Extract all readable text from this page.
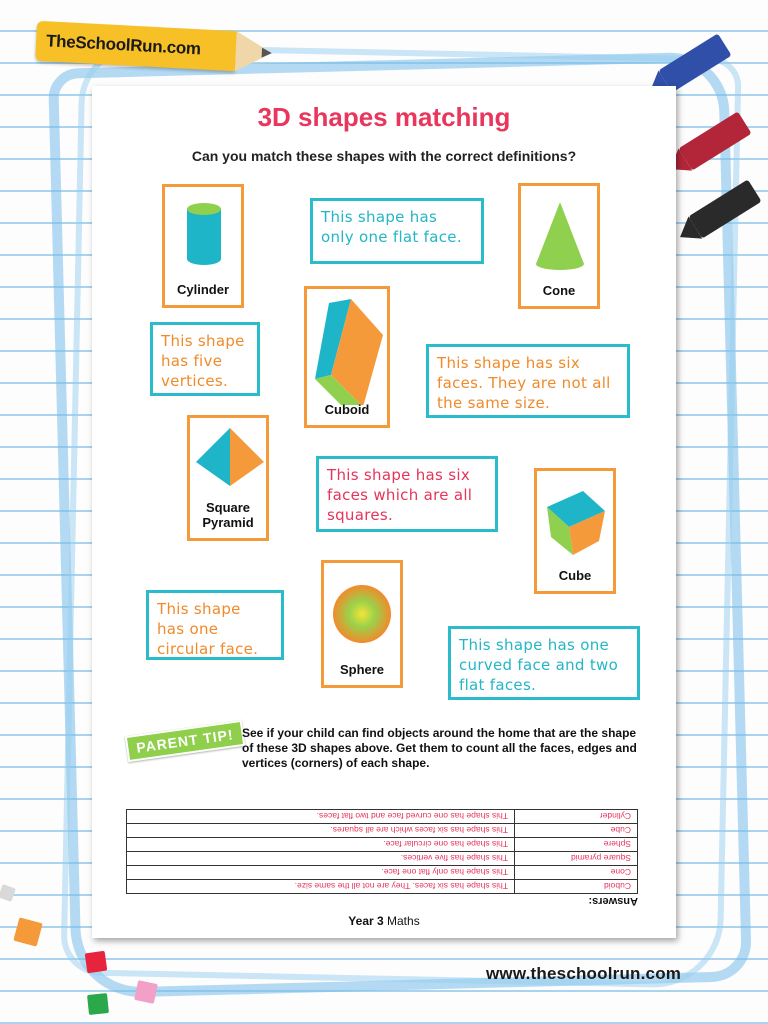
TheSchoolRun.com
3D shapes matching
Can you match these shapes with the correct definitions?
Cylinder
This shape has only one flat face.
Cone
Cuboid
This shape has five vertices.
This shape has six faces. They are not all the same size.
Square
Pyramid
This shape has six faces which are all squares.
Cube
This shape has one circular face.
Sphere
This shape has one curved face and two flat faces.
PARENT TIP! See if your child can find objects around the home that are the shape of these 3D shapes above. Get them to count all the faces, edges and vertices (corners) of each shape.
Answers:
Cuboid	This shape has six faces. They are not all the same size.
Cone	This shape has only flat one face.
Square pyramid	This shape has five vertices.
Sphere	This shape has one circular face.
Cube	This shape has six faces which are all squares.
Cylinder	This shape has one curved face and two flat faces.
Year 3 Maths
www.theschoolrun.com
